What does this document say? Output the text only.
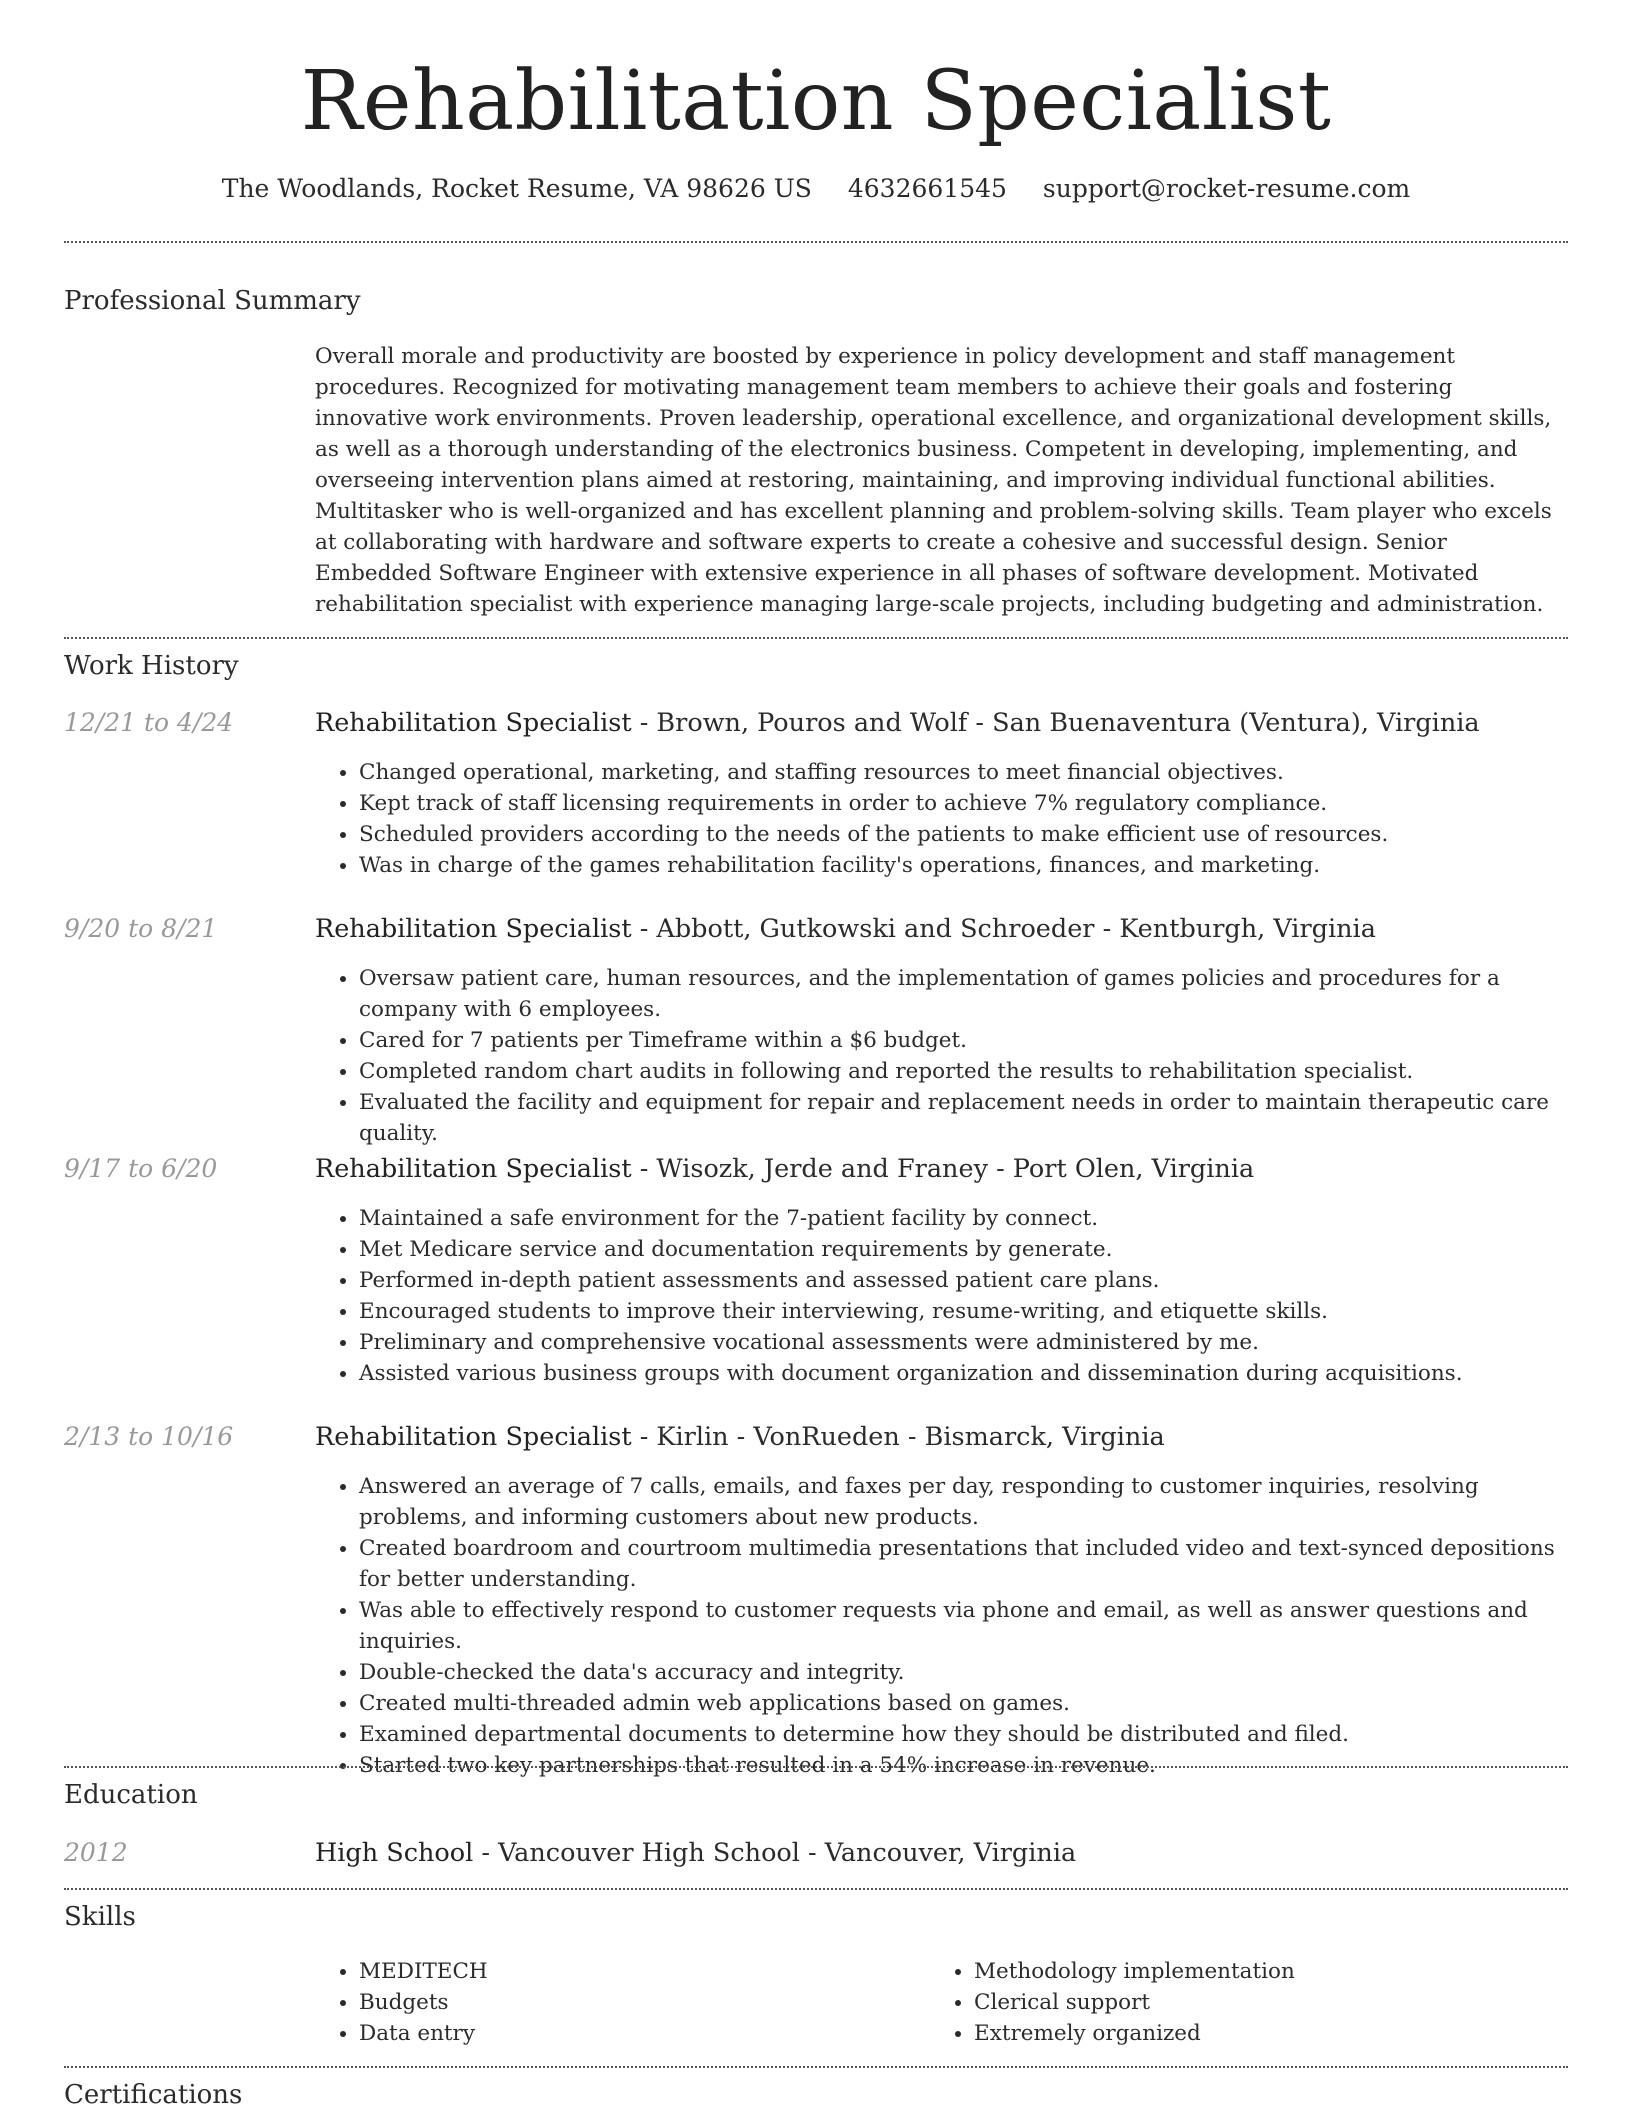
Rehabilitation Specialist
The Woodlands, Rocket Resume, VA 98626 US 4632661545 support@rocket-resume.com
Professional Summary

Overall morale and productivity are boosted by experience in policy development and staff management procedures. Recognized for motivating management team members to achieve their goals and fostering innovative work environments. Proven leadership, operational excellence, and organizational development skills, as well as a thorough understanding of the electronics business. Competent in developing, implementing, and overseeing intervention plans aimed at restoring, maintaining, and improving individual functional abilities. Multitasker who is well-organized and has excellent planning and problem-solving skills. Team player who excels at collaborating with hardware and software experts to create a cohesive and successful design. Senior Embedded Software Engineer with extensive experience in all phases of software development. Motivated rehabilitation specialist with experience managing large-scale projects, including budgeting and administration.

Work History
12/21 to 4/24	Rehabilitation Specialist - Brown, Pouros and Wolf - San Buenaventura (Ventura), Virginia
• Changed operational, marketing, and staffing resources to meet financial objectives.
• Kept track of staff licensing requirements in order to achieve 7% regulatory compliance.
• Scheduled providers according to the needs of the patients to make efficient use of resources.
• Was in charge of the games rehabilitation facility's operations, finances, and marketing.
9/20 to 8/21	Rehabilitation Specialist - Abbott, Gutkowski and Schroeder - Kentburgh, Virginia
• Oversaw patient care, human resources, and the implementation of games policies and procedures for a company with 6 employees.
• Cared for 7 patients per Timeframe within a $6 budget.
• Completed random chart audits in following and reported the results to rehabilitation specialist.
• Evaluated the facility and equipment for repair and replacement needs in order to maintain therapeutic care quality.
9/17 to 6/20	Rehabilitation Specialist - Wisozk, Jerde and Franey - Port Olen, Virginia
• Maintained a safe environment for the 7-patient facility by connect.
• Met Medicare service and documentation requirements by generate.
• Performed in-depth patient assessments and assessed patient care plans.
• Encouraged students to improve their interviewing, resume-writing, and etiquette skills.
• Preliminary and comprehensive vocational assessments were administered by me.
• Assisted various business groups with document organization and dissemination during acquisitions.
2/13 to 10/16	Rehabilitation Specialist - Kirlin - VonRueden - Bismarck, Virginia
• Answered an average of 7 calls, emails, and faxes per day, responding to customer inquiries, resolving problems, and informing customers about new products.
• Created boardroom and courtroom multimedia presentations that included video and text-synced depositions for better understanding.
• Was able to effectively respond to customer requests via phone and email, as well as answer questions and inquiries.
• Double-checked the data's accuracy and integrity.
• Created multi-threaded admin web applications based on games.
• Examined departmental documents to determine how they should be distributed and filed.
• Started two key partnerships that resulted in a 54% increase in revenue.
Education
2012	High School - Vancouver High School - Vancouver, Virginia
Skills
• MEDITECH
• Budgets
• Data entry
• Methodology implementation
• Clerical support
• Extremely organized
Certifications
